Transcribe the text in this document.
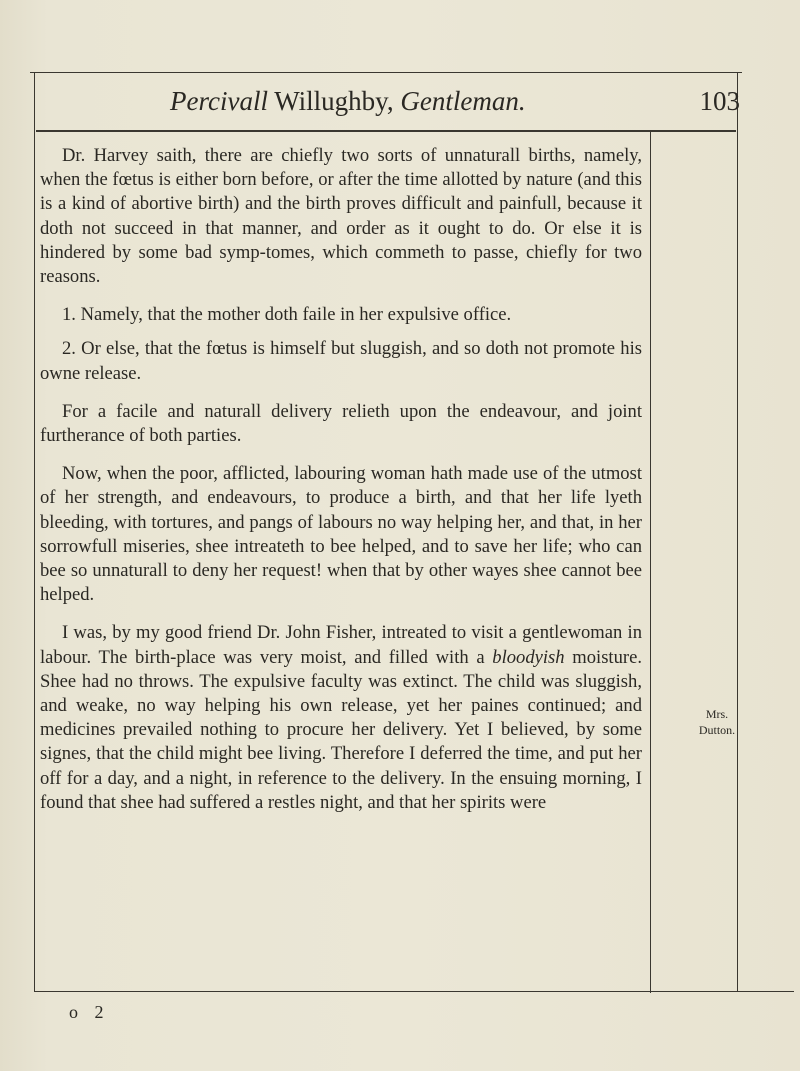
Percivall Willughby, Gentleman.	103

Dr. Harvey saith, there are chiefly two sorts of unnaturall births, namely, when the fœtus is either born before, or after the time allotted by nature (and this is a kind of abortive birth) and the birth proves difficult and painfull, because it doth not succeed in that manner, and order as it ought to do. Or else it is hindered by some bad symp-tomes, which commeth to passe, chiefly for two reasons.

1. Namely, that the mother doth faile in her expulsive office.

2. Or else, that the fœtus is himself but sluggish, and so doth not promote his owne release.

For a facile and naturall delivery relieth upon the endeavour, and joint furtherance of both parties.

Now, when the poor, afflicted, labouring woman hath made use of the utmost of her strength, and endeavours, to produce a birth, and that her life lyeth bleeding, with tortures, and pangs of labours no way helping her, and that, in her sorrowfull miseries, shee intreateth to bee helped, and to save her life; who can bee so unnaturall to deny her request! when that by other wayes shee cannot bee helped.

I was, by my good friend Dr. John Fisher, intreated to visit a gentlewoman in labour. The birth-place was very moist, and filled with a bloodyish moisture. Shee had no throws. The expulsive faculty was extinct. The child was sluggish, and weake, no way helping his own release, yet her paines continued; and medicines prevailed nothing to procure her delivery. Yet I believed, by some signes, that the child might bee living. Therefore I deferred the time, and put her off for a day, and a night, in reference to the delivery. In the ensuing morning, I found that shee had suffered a restles night, and that her spirits were

Mrs.
Dutton.
o 2
